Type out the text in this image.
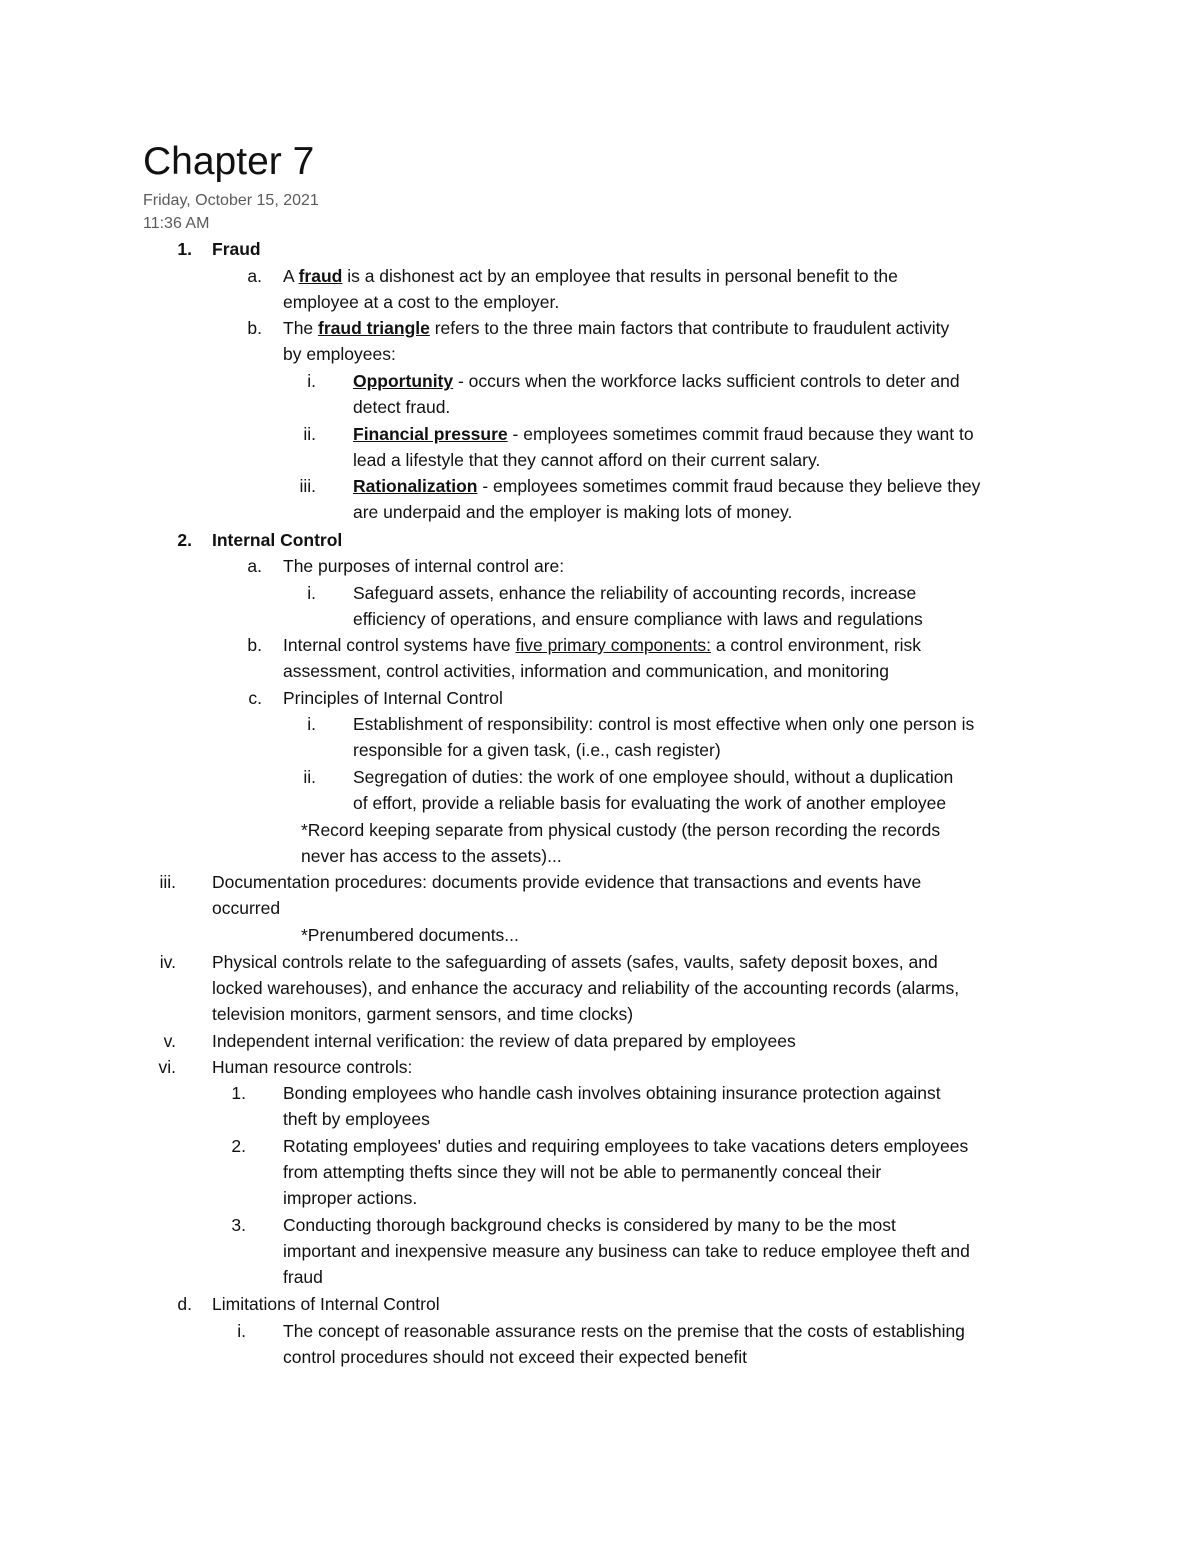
Chapter 7
Friday, October 15, 2021
11:36 AM
1. Fraud
a. A fraud is a dishonest act by an employee that results in personal benefit to the
employee at a cost to the employer.
b. The fraud triangle refers to the three main factors that contribute to fraudulent activity
by employees:
i. Opportunity - occurs when the workforce lacks sufficient controls to deter and
detect fraud.
ii. Financial pressure - employees sometimes commit fraud because they want to
lead a lifestyle that they cannot afford on their current salary.
iii. Rationalization - employees sometimes commit fraud because they believe they
are underpaid and the employer is making lots of money.
2. Internal Control
a. The purposes of internal control are:
i. Safeguard assets, enhance the reliability of accounting records, increase
efficiency of operations, and ensure compliance with laws and regulations
b. Internal control systems have five primary components: a control environment, risk
assessment, control activities, information and communication, and monitoring
c. Principles of Internal Control
i. Establishment of responsibility: control is most effective when only one person is
responsible for a given task, (i.e., cash register)
ii. Segregation of duties: the work of one employee should, without a duplication
of effort, provide a reliable basis for evaluating the work of another employee
*Record keeping separate from physical custody (the person recording the records
never has access to the assets)...
iii. Documentation procedures: documents provide evidence that transactions and events have
occurred
*Prenumbered documents...
iv. Physical controls relate to the safeguarding of assets (safes, vaults, safety deposit boxes, and
locked warehouses), and enhance the accuracy and reliability of the accounting records (alarms,
television monitors, garment sensors, and time clocks)
v. Independent internal verification: the review of data prepared by employees
vi. Human resource controls:
1. Bonding employees who handle cash involves obtaining insurance protection against
theft by employees
2. Rotating employees' duties and requiring employees to take vacations deters employees
from attempting thefts since they will not be able to permanently conceal their
improper actions.
3. Conducting thorough background checks is considered by many to be the most
important and inexpensive measure any business can take to reduce employee theft and
fraud
d. Limitations of Internal Control
i. The concept of reasonable assurance rests on the premise that the costs of establishing
control procedures should not exceed their expected benefit
